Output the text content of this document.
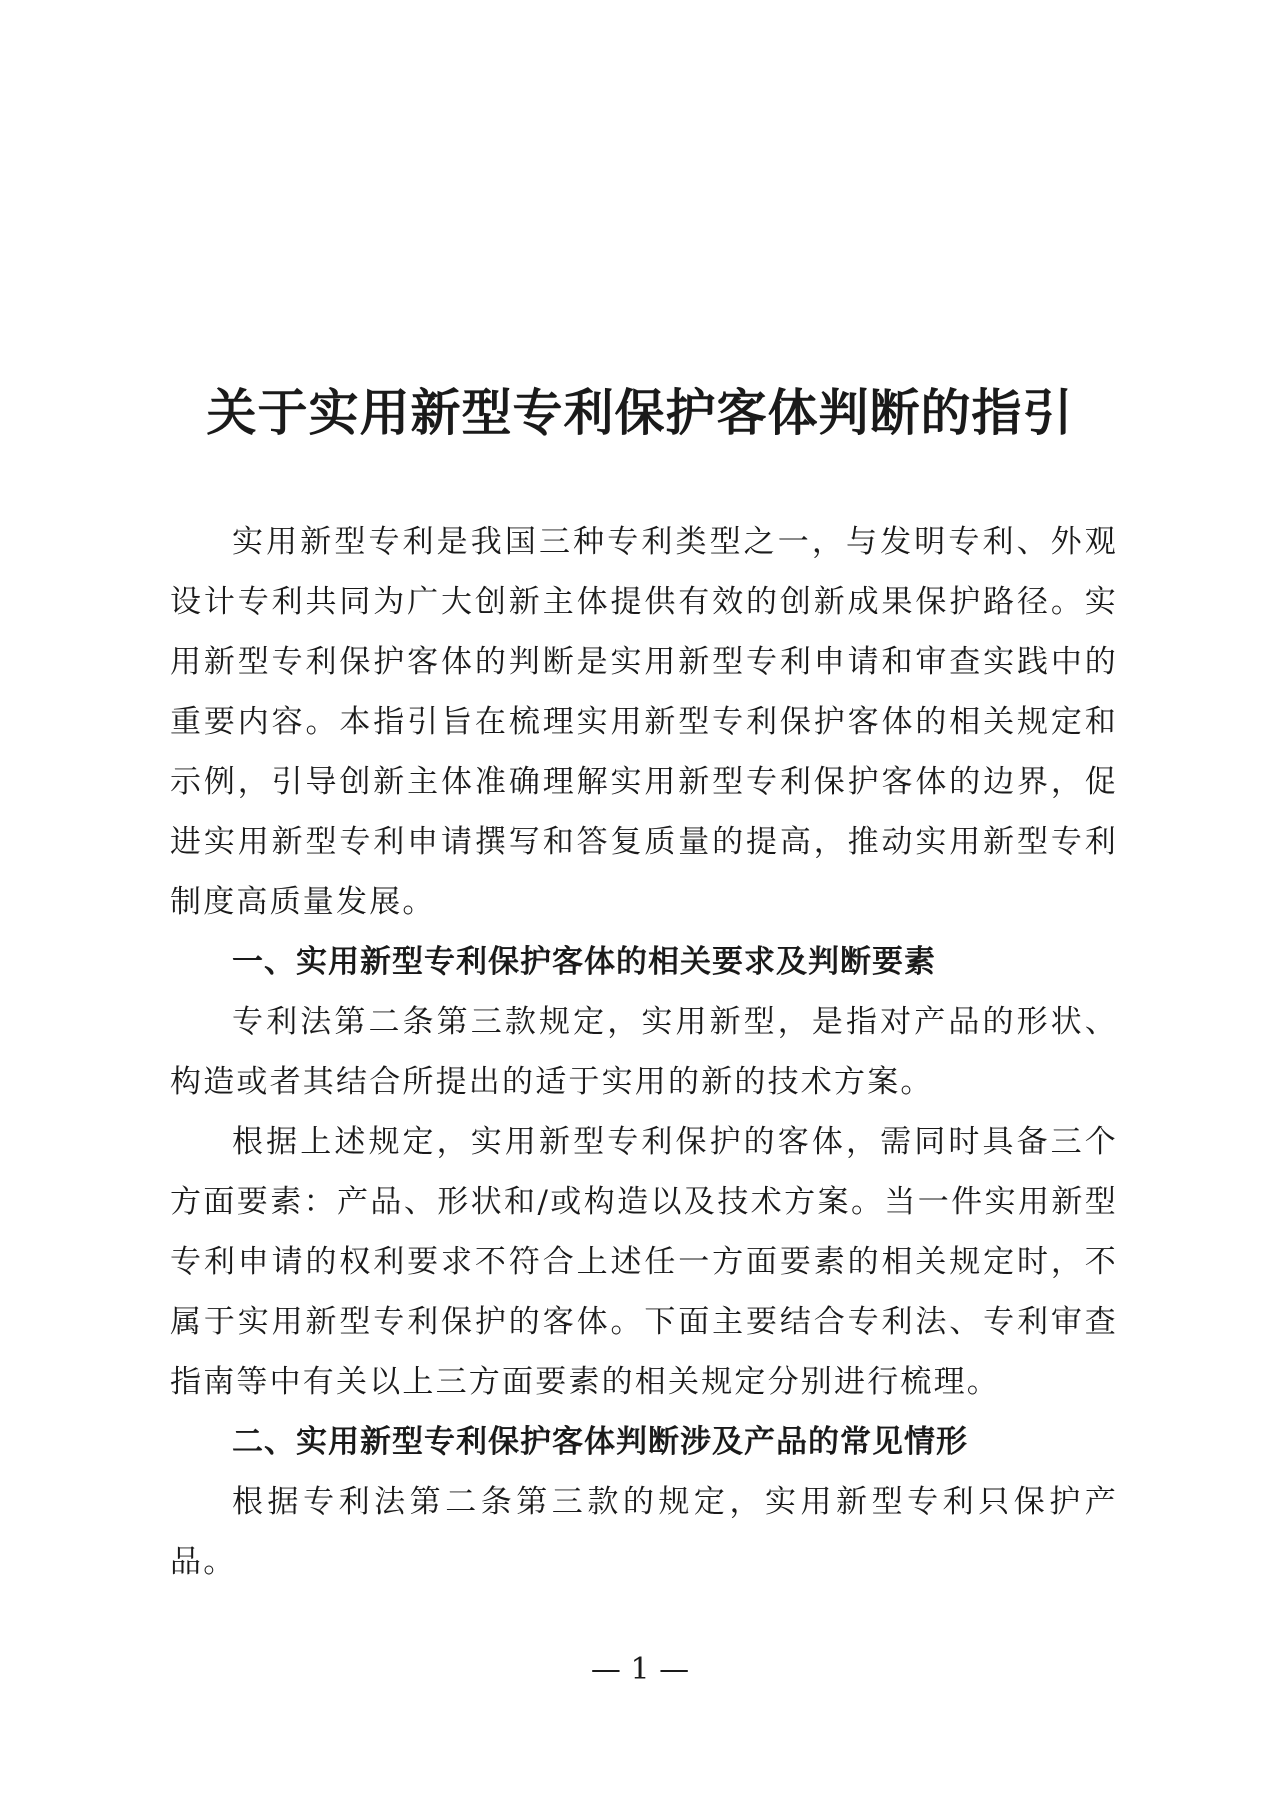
关于实用新型专利保护客体判断的指引

实用新型专利是我国三种专利类型之一，与发明专利、外观设计专利共同为广大创新主体提供有效的创新成果保护路径。实用新型专利保护客体的判断是实用新型专利申请和审查实践中的重要内容。本指引旨在梳理实用新型专利保护客体的相关规定和示例，引导创新主体准确理解实用新型专利保护客体的边界，促进实用新型专利申请撰写和答复质量的提高，推动实用新型专利制度高质量发展。

一、实用新型专利保护客体的相关要求及判断要素

专利法第二条第三款规定，实用新型，是指对产品的形状、构造或者其结合所提出的适于实用的新的技术方案。

根据上述规定，实用新型专利保护的客体，需同时具备三个方面要素：产品、形状和/或构造以及技术方案。当一件实用新型专利申请的权利要求不符合上述任一方面要素的相关规定时，不属于实用新型专利保护的客体。下面主要结合专利法、专利审查指南等中有关以上三方面要素的相关规定分别进行梳理。

二、实用新型专利保护客体判断涉及产品的常见情形

根据专利法第二条第三款的规定，实用新型专利只保护产品。

— 1 —
